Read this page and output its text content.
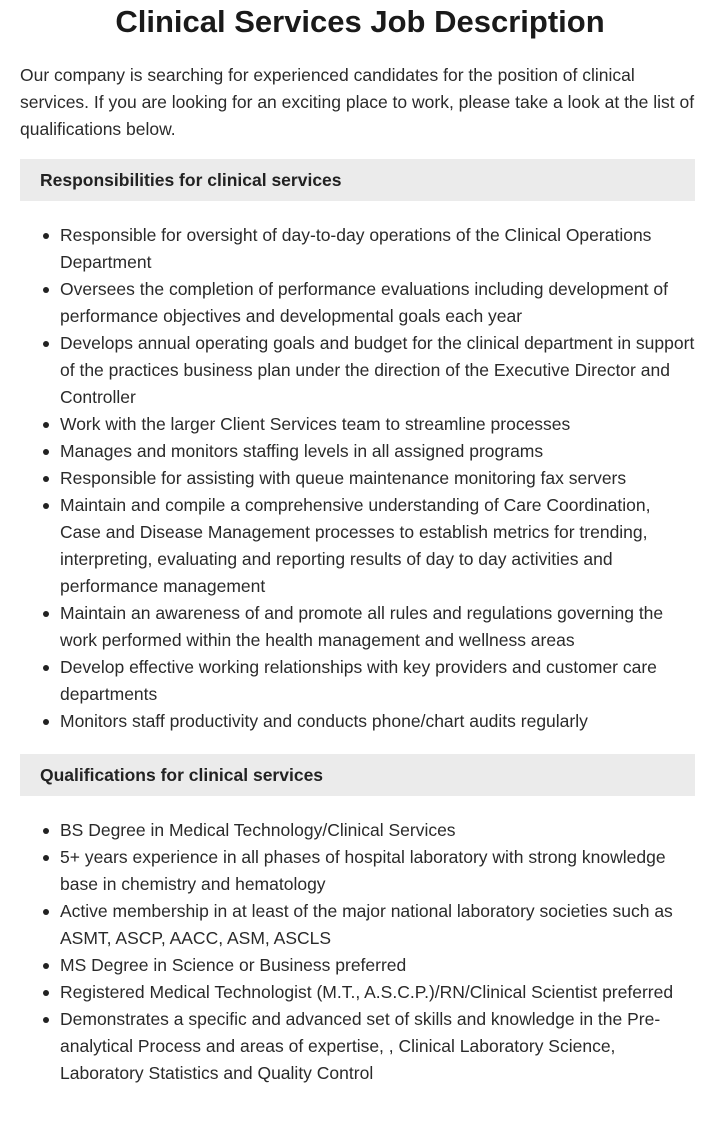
Clinical Services Job Description

Our company is searching for experienced candidates for the position of clinical services. If you are looking for an exciting place to work, please take a look at the list of qualifications below.

Responsibilities for clinical services
Responsible for oversight of day-to-day operations of the Clinical Operations Department
Oversees the completion of performance evaluations including development of performance objectives and developmental goals each year
Develops annual operating goals and budget for the clinical department in support of the practices business plan under the direction of the Executive Director and Controller
Work with the larger Client Services team to streamline processes
Manages and monitors staffing levels in all assigned programs
Responsible for assisting with queue maintenance monitoring fax servers
Maintain and compile a comprehensive understanding of Care Coordination, Case and Disease Management processes to establish metrics for trending, interpreting, evaluating and reporting results of day to day activities and performance management
Maintain an awareness of and promote all rules and regulations governing the work performed within the health management and wellness areas
Develop effective working relationships with key providers and customer care departments
Monitors staff productivity and conducts phone/chart audits regularly
Qualifications for clinical services
BS Degree in Medical Technology/Clinical Services
5+ years experience in all phases of hospital laboratory with strong knowledge base in chemistry and hematology
Active membership in at least of the major national laboratory societies such as ASMT, ASCP, AACC, ASM, ASCLS
MS Degree in Science or Business preferred
Registered Medical Technologist (M.T., A.S.C.P.)/RN/Clinical Scientist preferred
Demonstrates a specific and advanced set of skills and knowledge in the Pre-analytical Process and areas of expertise, , Clinical Laboratory Science, Laboratory Statistics and Quality Control
